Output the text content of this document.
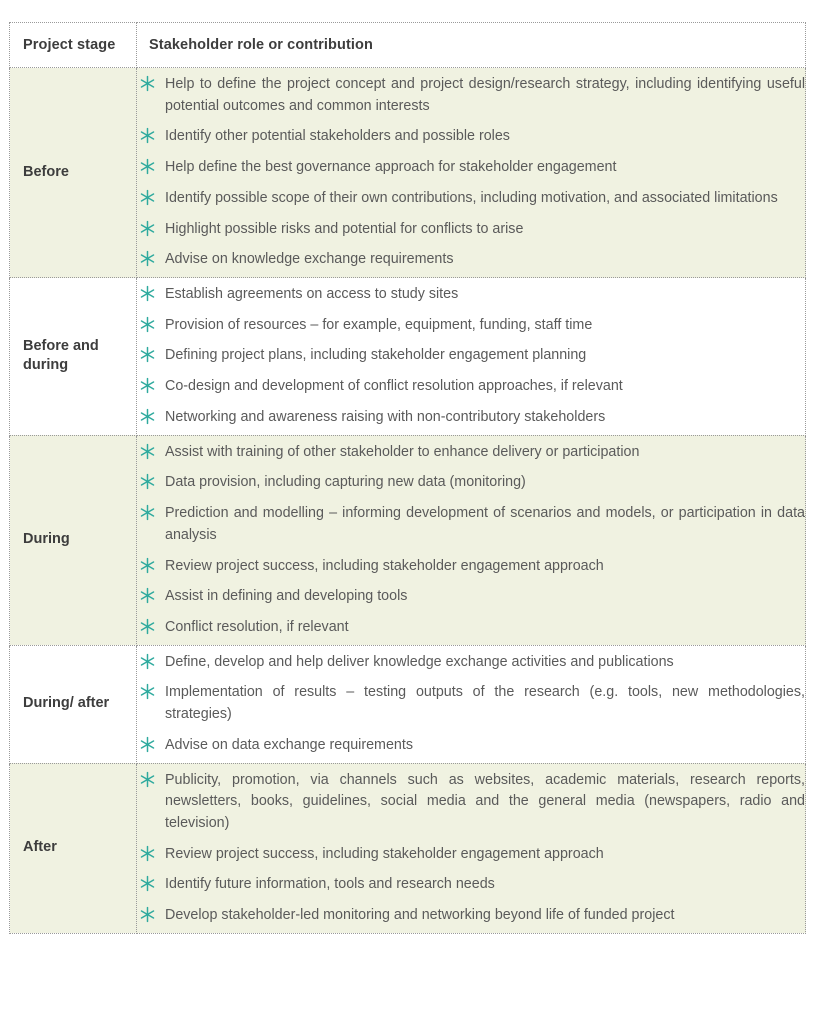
Project stage	Stakeholder role or contribution

Before

Help to define the project concept and project design/research strategy, including identifying useful potential outcomes and common interests
Identify other potential stakeholders and possible roles
Help define the best governance approach for stakeholder engagement
Identify possible scope of their own contributions, including motivation, and associated limitations
Highlight possible risks and potential for conflicts to arise
Advise on knowledge exchange requirements

Before and during

Establish agreements on access to study sites
Provision of resources – for example, equipment, funding, staff time
Defining project plans, including stakeholder engagement planning
Co-design and development of conflict resolution approaches, if relevant
Networking and awareness raising with non-contributory stakeholders

During

Assist with training of other stakeholder to enhance delivery or participation
Data provision, including capturing new data (monitoring)
Prediction and modelling – informing development of scenarios and models, or participation in data analysis
Review project success, including stakeholder engagement approach
Assist in defining and developing tools
Conflict resolution, if relevant

During/ after

Define, develop and help deliver knowledge exchange activities and publications
Implementation of results – testing outputs of the research (e.g. tools, new methodologies, strategies)
Advise on data exchange requirements

After

Publicity, promotion, via channels such as websites, academic materials, research reports, newsletters, books, guidelines, social media and the general media (newspapers, radio and television)
Review project success, including stakeholder engagement approach
Identify future information, tools and research needs
Develop stakeholder-led monitoring and networking beyond life of funded project
